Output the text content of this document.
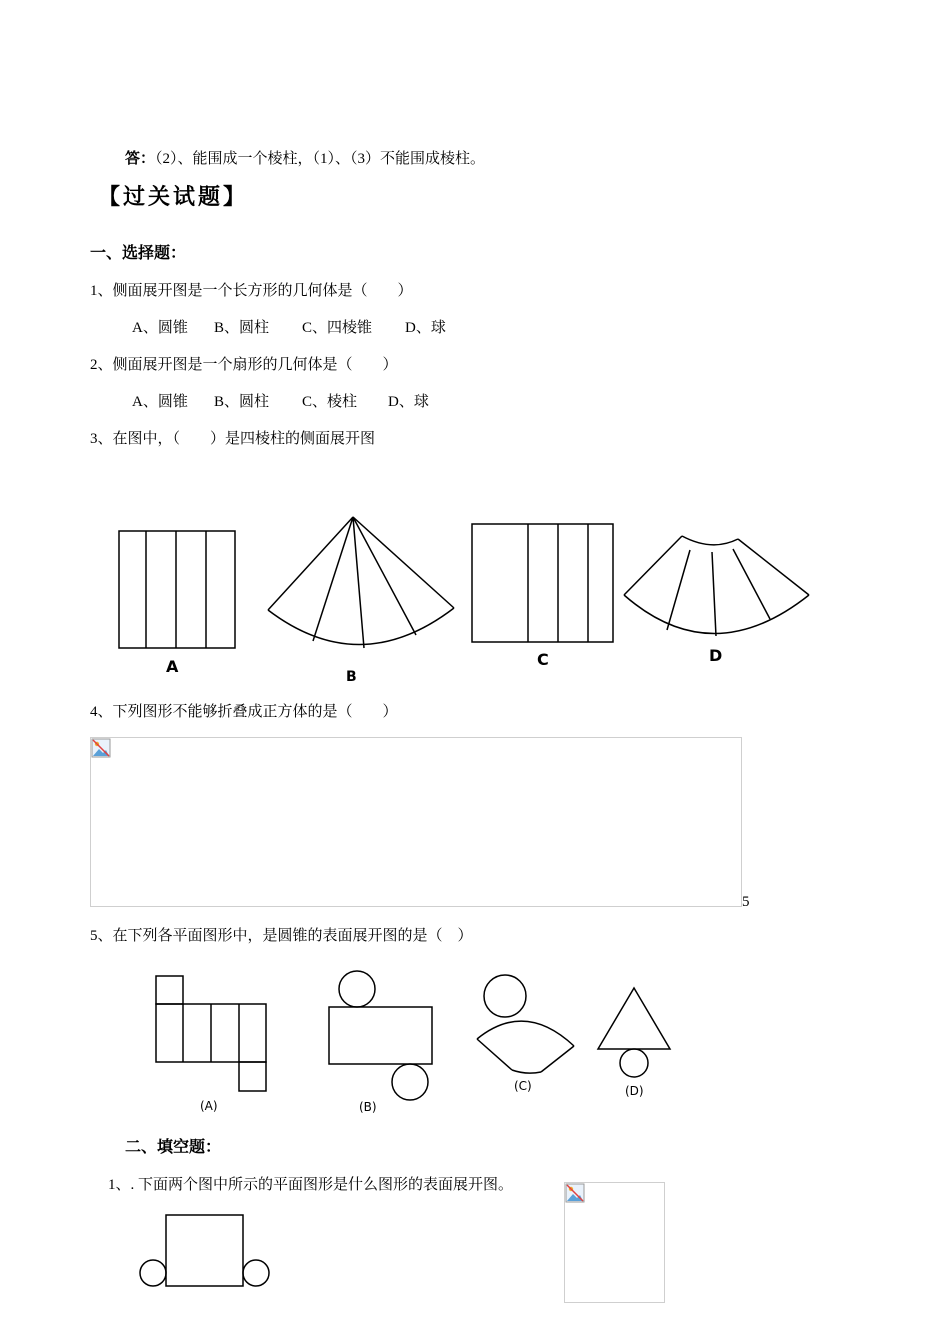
答：（2）、能围成一个棱柱，（1）、（3）不能围成棱柱。
【过关试题】
一、选择题：
1、侧面展开图是一个长方形的几何体是（　　）
A、圆锥 B、圆柱 C、四棱锥 D、球
2、侧面展开图是一个扇形的几何体是（　　）
A、圆锥 B、圆柱 C、棱柱 D、球
3、在图中，（　　）是四棱柱的侧面展开图
A
B
C	D
4、下列图形不能够折叠成正方体的是（　　）
5
5、在下列各平面图形中，是圆锥的表面展开图的是（　）
(A)	(B)
(C)	(D)
二、填空题：
1、. 下面两个图中所示的平面图形是什么图形的表面展开图。
